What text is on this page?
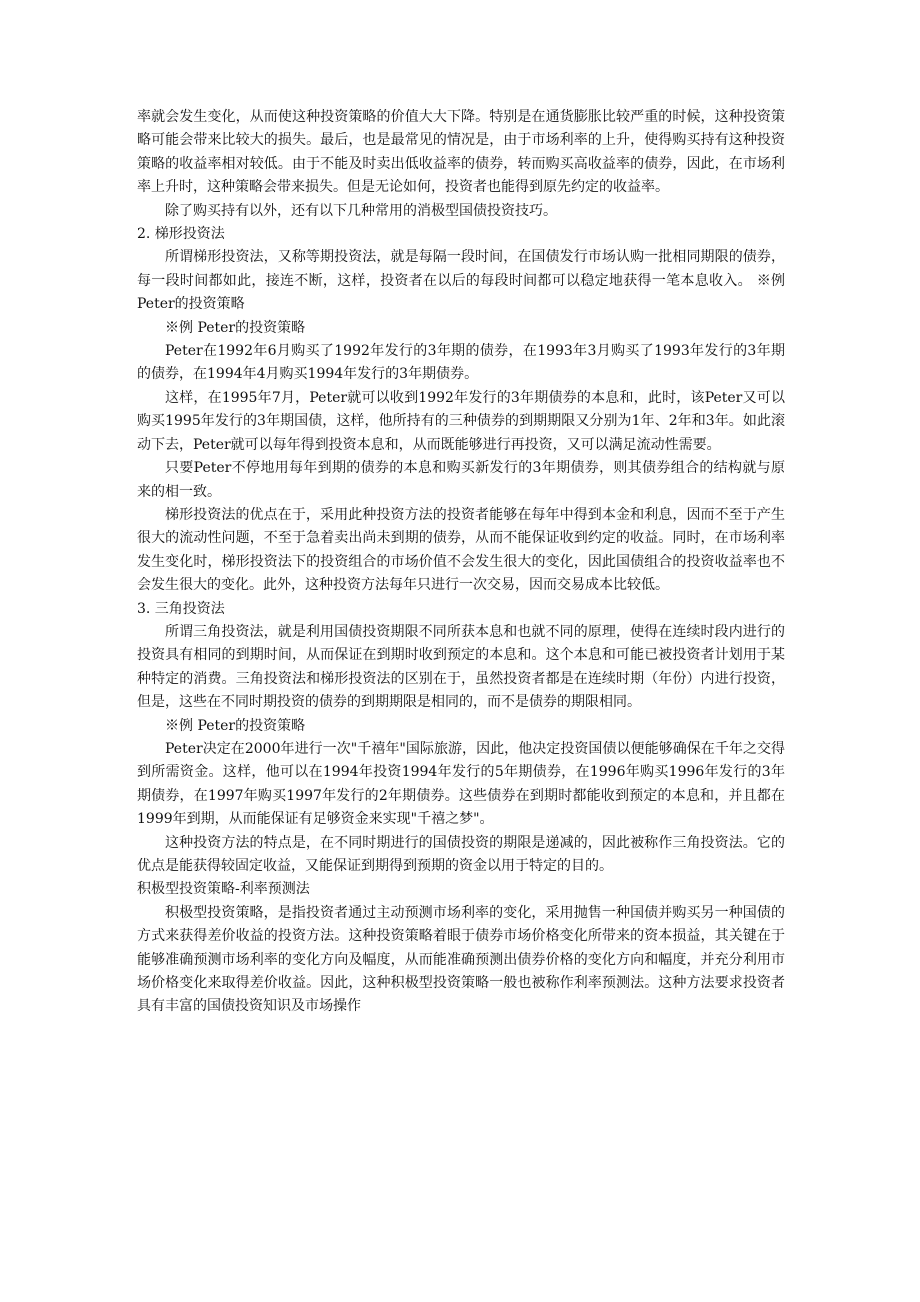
率就会发生变化，从而使这种投资策略的价值大大下降。特别是在通货膨胀比较严重的时候，这种投资策略可能会带来比较大的损失。最后，也是最常见的情况是，由于市场利率的上升，使得购买持有这种投资策略的收益率相对较低。由于不能及时卖出低收益率的债券，转而购买高收益率的债券，因此，在市场利率上升时，这种策略会带来损失。但是无论如何，投资者也能得到原先约定的收益率。

除了购买持有以外，还有以下几种常用的消极型国债投资技巧。

2. 梯形投资法

所谓梯形投资法，又称等期投资法，就是每隔一段时间，在国债发行市场认购一批相同期限的债券，每一段时间都如此，接连不断，这样，投资者在以后的每段时间都可以稳定地获得一笔本息收入。 ※例 Peter的投资策略

※例 Peter的投资策略

Peter在1992年6月购买了1992年发行的3年期的债券，在1993年3月购买了1993年发行的3年期的债券，在1994年4月购买1994年发行的3年期债券。

这样，在1995年7月，Peter就可以收到1992年发行的3年期债券的本息和，此时，该Peter又可以购买1995年发行的3年期国债，这样，他所持有的三种债券的到期期限又分别为1年、2年和3年。如此滚动下去，Peter就可以每年得到投资本息和，从而既能够进行再投资，又可以满足流动性需要。

只要Peter不停地用每年到期的债券的本息和购买新发行的3年期债券，则其债券组合的结构就与原来的相一致。

梯形投资法的优点在于，采用此种投资方法的投资者能够在每年中得到本金和利息，因而不至于产生很大的流动性问题，不至于急着卖出尚未到期的债券，从而不能保证收到约定的收益。同时，在市场利率发生变化时，梯形投资法下的投资组合的市场价值不会发生很大的变化，因此国债组合的投资收益率也不会发生很大的变化。此外，这种投资方法每年只进行一次交易，因而交易成本比较低。

3. 三角投资法

所谓三角投资法，就是利用国债投资期限不同所获本息和也就不同的原理，使得在连续时段内进行的投资具有相同的到期时间，从而保证在到期时收到预定的本息和。这个本息和可能已被投资者计划用于某种特定的消费。三角投资法和梯形投资法的区别在于，虽然投资者都是在连续时期（年份）内进行投资，但是，这些在不同时期投资的债券的到期期限是相同的，而不是债券的期限相同。

※例 Peter的投资策略

Peter决定在2000年进行一次"千禧年"国际旅游，因此，他决定投资国债以便能够确保在千年之交得到所需资金。这样，他可以在1994年投资1994年发行的5年期债券，在1996年购买1996年发行的3年期债券，在1997年购买1997年发行的2年期债券。这些债券在到期时都能收到预定的本息和，并且都在1999年到期，从而能保证有足够资金来实现"千禧之梦"。

这种投资方法的特点是，在不同时期进行的国债投资的期限是递减的，因此被称作三角投资法。它的优点是能获得较固定收益，又能保证到期得到预期的资金以用于特定的目的。

积极型投资策略-利率预测法

积极型投资策略，是指投资者通过主动预测市场利率的变化，采用抛售一种国债并购买另一种国债的方式来获得差价收益的投资方法。这种投资策略着眼于债券市场价格变化所带来的资本损益，其关键在于能够准确预测市场利率的变化方向及幅度，从而能准确预测出债券价格的变化方向和幅度，并充分利用市场价格变化来取得差价收益。因此，这种积极型投资策略一般也被称作利率预测法。这种方法要求投资者具有丰富的国债投资知识及市场操作
